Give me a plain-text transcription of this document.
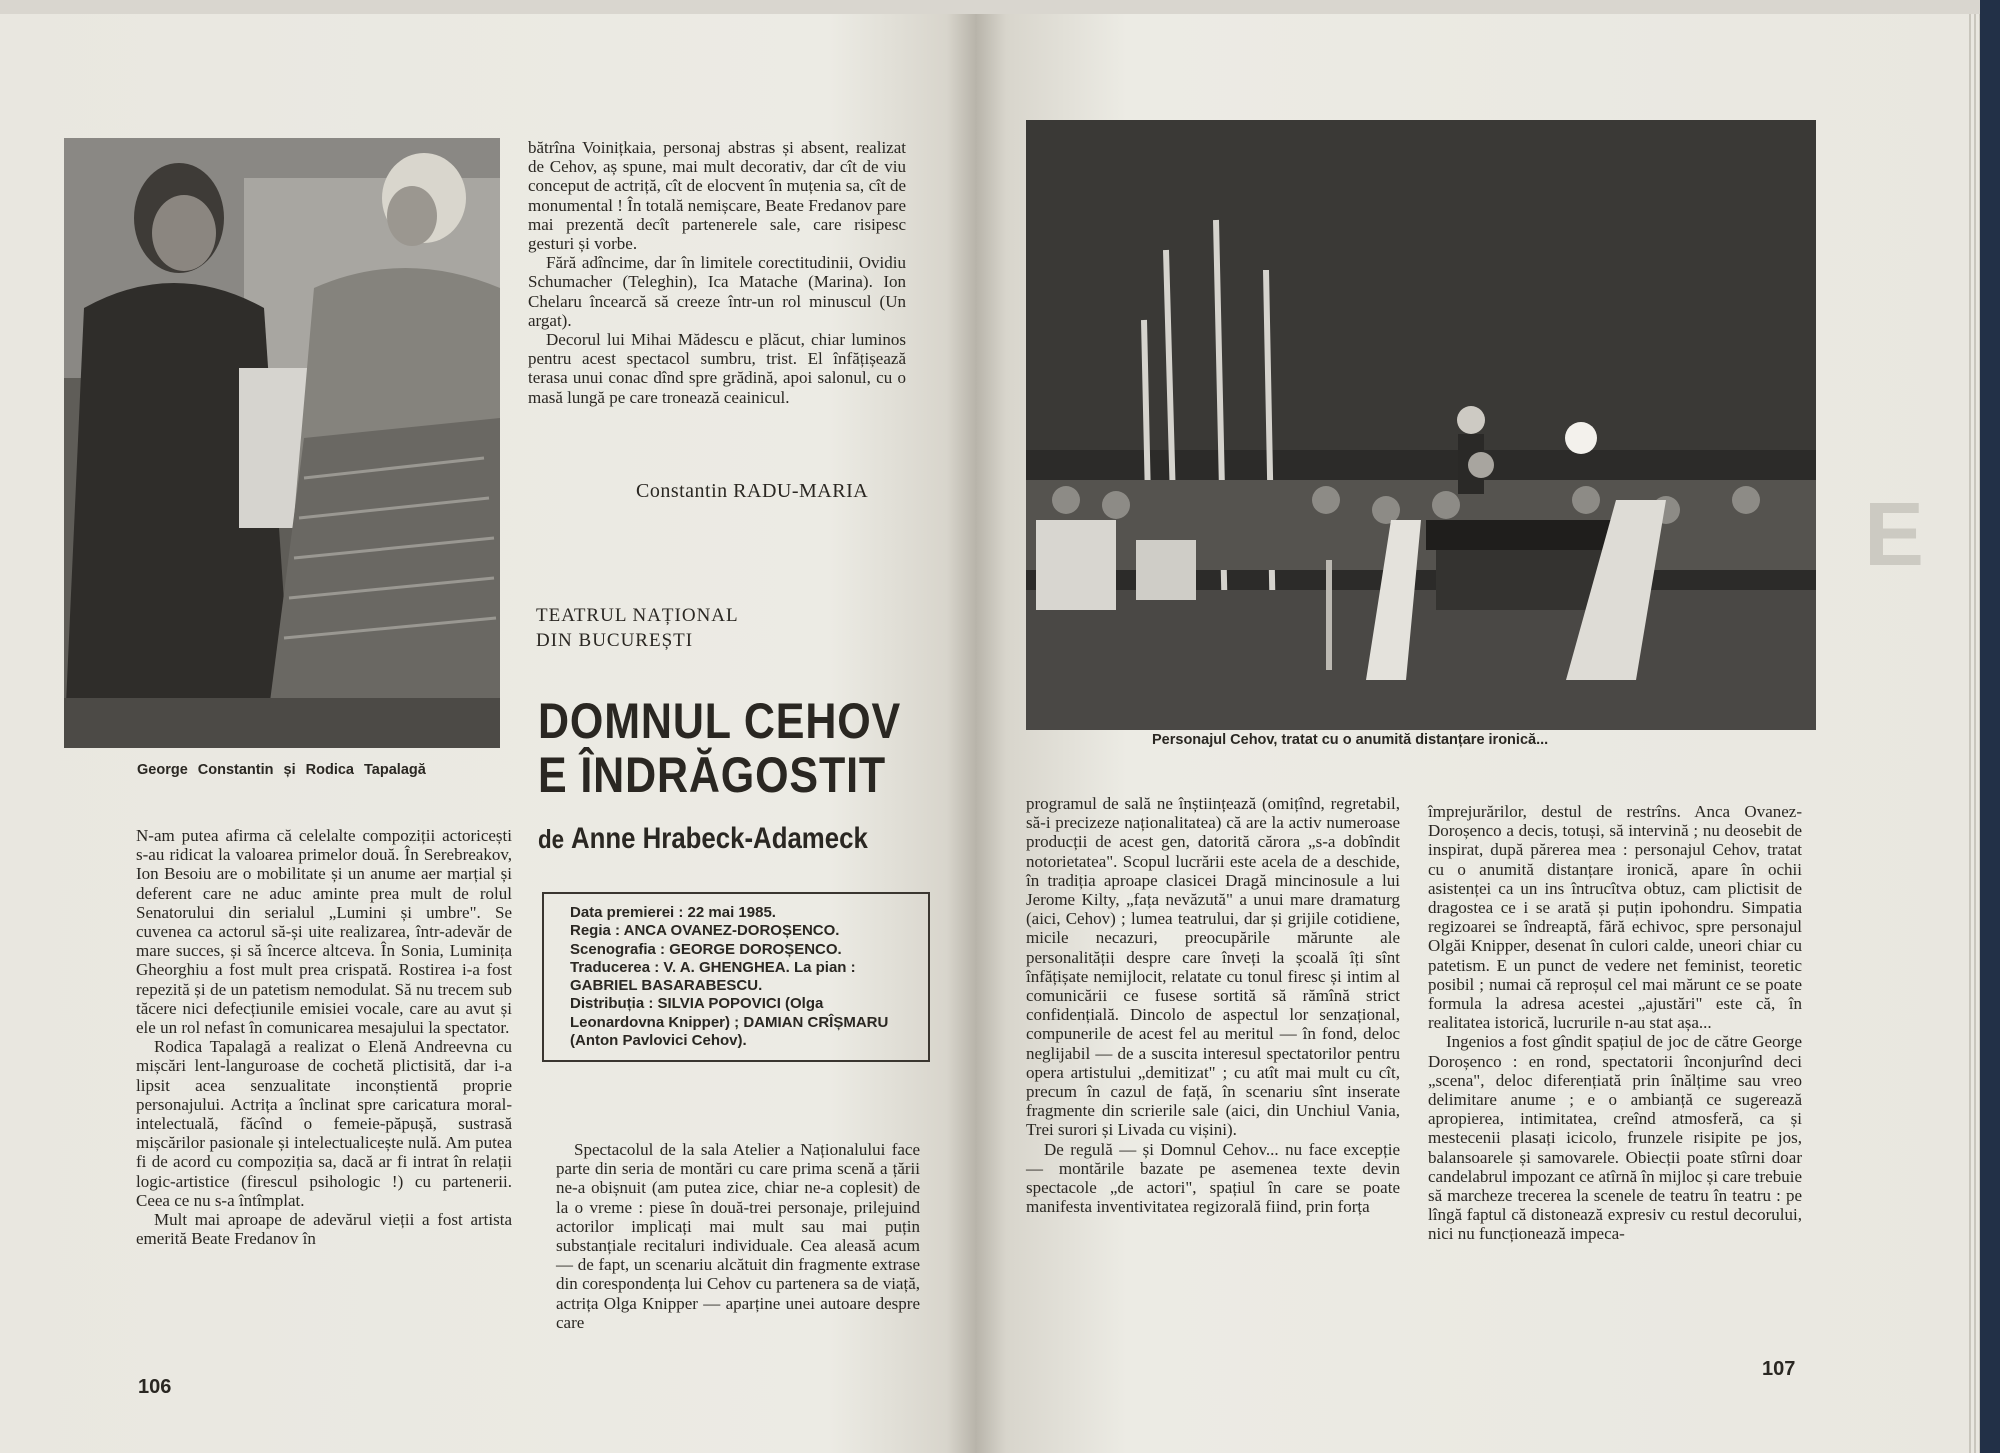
George Constantin și Rodica Tapalagă

N-am putea afirma că celelalte compoziții actoricești s-au ridicat la valoarea primelor două. În Serebreakov, Ion Besoiu are o mobilitate și un anume aer marțial și deferent care ne aduc aminte prea mult de rolul Senatorului din serialul „Lumini și umbre". Se cuvenea ca actorul să-și uite realizarea, într-adevăr de mare succes, și să încerce altceva. În Sonia, Luminița Gheorghiu a fost mult prea crispată. Rostirea i-a fost repezită și de un patetism nemodulat. Să nu trecem sub tăcere nici defecțiunile emisiei vocale, care au avut și ele un rol nefast în comunicarea mesajului la spectator.

Rodica Tapalagă a realizat o Elenă Andreevna cu mișcări lent-languroase de cochetă plictisită, dar i-a lipsit acea senzualitate inconștientă proprie personajului. Actrița a înclinat spre caricatura moral-intelectuală, făcînd o femeie-păpușă, sustrasă mișcărilor pasionale și intelectualicește nulă. Am putea fi de acord cu compoziția sa, dacă ar fi intrat în relații logic-artistice (firescul psihologic !) cu partenerii. Ceea ce nu s-a întîmplat.

Mult mai aproape de adevărul vieții a fost artista emerită Beate Fredanov în

bătrîna Voinițkaia, personaj abstras și absent, realizat de Cehov, aș spune, mai mult decorativ, dar cît de viu conceput de actriță, cît de elocvent în muțenia sa, cît de monumental ! În totală nemișcare, Beate Fredanov pare mai prezentă decît partenerele sale, care risipesc gesturi și vorbe.

Fără adîncime, dar în limitele corectitudinii, Ovidiu Schumacher (Teleghin), Ica Matache (Marina). Ion Chelaru încearcă să creeze într-un rol minuscul (Un argat).

Decorul lui Mihai Mădescu e plăcut, chiar luminos pentru acest spectacol sumbru, trist. El înfățișează terasa unui conac dînd spre grădină, apoi salonul, cu o masă lungă pe care tronează ceainicul.

Constantin RADU-MARIA
TEATRUL NAȚIONAL
DIN BUCUREȘTI
DOMNUL CEHOV
E ÎNDRĂGOSTIT
de Anne Hrabeck-Adameck
Data premierei : 22 mai 1985.
Regia : ANCA OVANEZ-DOROȘENCO. Scenografia : GEORGE DOROȘENCO. Traducerea : V. A. GHENGHEA. La pian : GABRIEL BASARABESCU.
Distribuția : SILVIA POPOVICI (Olga Leonardovna Knipper) ; DAMIAN CRÎȘMARU (Anton Pavlovici Cehov).

Spectacolul de la sala Atelier a Naționalului face parte din seria de montări cu care prima scenă a țării ne-a obișnuit (am putea zice, chiar ne-a coplesit) de la o vreme : piese în două-trei personaje, prilejuind actorilor implicați mai mult sau mai puțin substanțiale recitaluri individuale. Cea aleasă acum — de fapt, un scenariu alcătuit din fragmente extrase din corespondența lui Cehov cu partenera sa de viață, actrița Olga Knipper — aparține unei autoare despre care

106
Personajul Cehov, tratat cu o anumită distanțare ironică...

programul de sală ne înștiințează (omițînd, regretabil, să-i precizeze naționalitatea) că are la activ numeroase producții de acest gen, datorită cărora „s-a dobîndit notorietatea". Scopul lucrării este acela de a deschide, în tradiția aproape clasicei Dragă mincinosule a lui Jerome Kilty, „fața nevăzută" a unui mare dramaturg (aici, Cehov) ; lumea teatrului, dar și grijile cotidiene, micile necazuri, preocupările mărunte ale personalității despre care înveți la școală îți sînt înfățișate nemijlocit, relatate cu tonul firesc și intim al comunicării ce fusese sortită să rămînă strict confidențială. Dincolo de aspectul lor senzațional, compunerile de acest fel au meritul — în fond, deloc neglijabil — de a suscita interesul spectatorilor pentru opera artistului „demitizat" ; cu atît mai mult cu cît, precum în cazul de față, în scenariu sînt inserate fragmente din scrierile sale (aici, din Unchiul Vania, Trei surori și Livada cu vișini).

De regulă — și Domnul Cehov... nu face excepție — montările bazate pe asemenea texte devin spectacole „de actori", spațiul în care se poate manifesta inventivitatea regizorală fiind, prin forța

împrejurărilor, destul de restrîns. Anca Ovanez-Doroșenco a decis, totuși, să intervină ; nu deosebit de inspirat, după părerea mea : personajul Cehov, tratat cu o anumită distanțare ironică, apare în ochii asistenței ca un ins întrucîtva obtuz, cam plictisit de dragostea ce i se arată și puțin ipohondru. Simpatia regizoarei se îndreaptă, fără echivoc, spre personajul Olgăi Knipper, desenat în culori calde, uneori chiar cu patetism. E un punct de vedere net feminist, teoretic posibil ; numai că reproșul cel mai mărunt ce se poate formula la adresa acestei „ajustări" este că, în realitatea istorică, lucrurile n-au stat așa...

Ingenios a fost gîndit spațiul de joc de către George Doroșenco : en rond, spectatorii înconjurînd deci „scena", deloc diferențiată prin înălțime sau vreo delimitare anume ; e o ambianță ce sugerează apropierea, intimitatea, creînd atmosferă, ca și mestecenii plasați icicolo, frunzele risipite pe jos, balansoarele și samovarele. Obiecții poate stîrni doar candelabrul impozant ce atîrnă în mijloc și care trebuie să marcheze trecerea la scenele de teatru în teatru : pe lîngă faptul că distonează expresiv cu restul decorului, nici nu funcționează impeca-

E
107
